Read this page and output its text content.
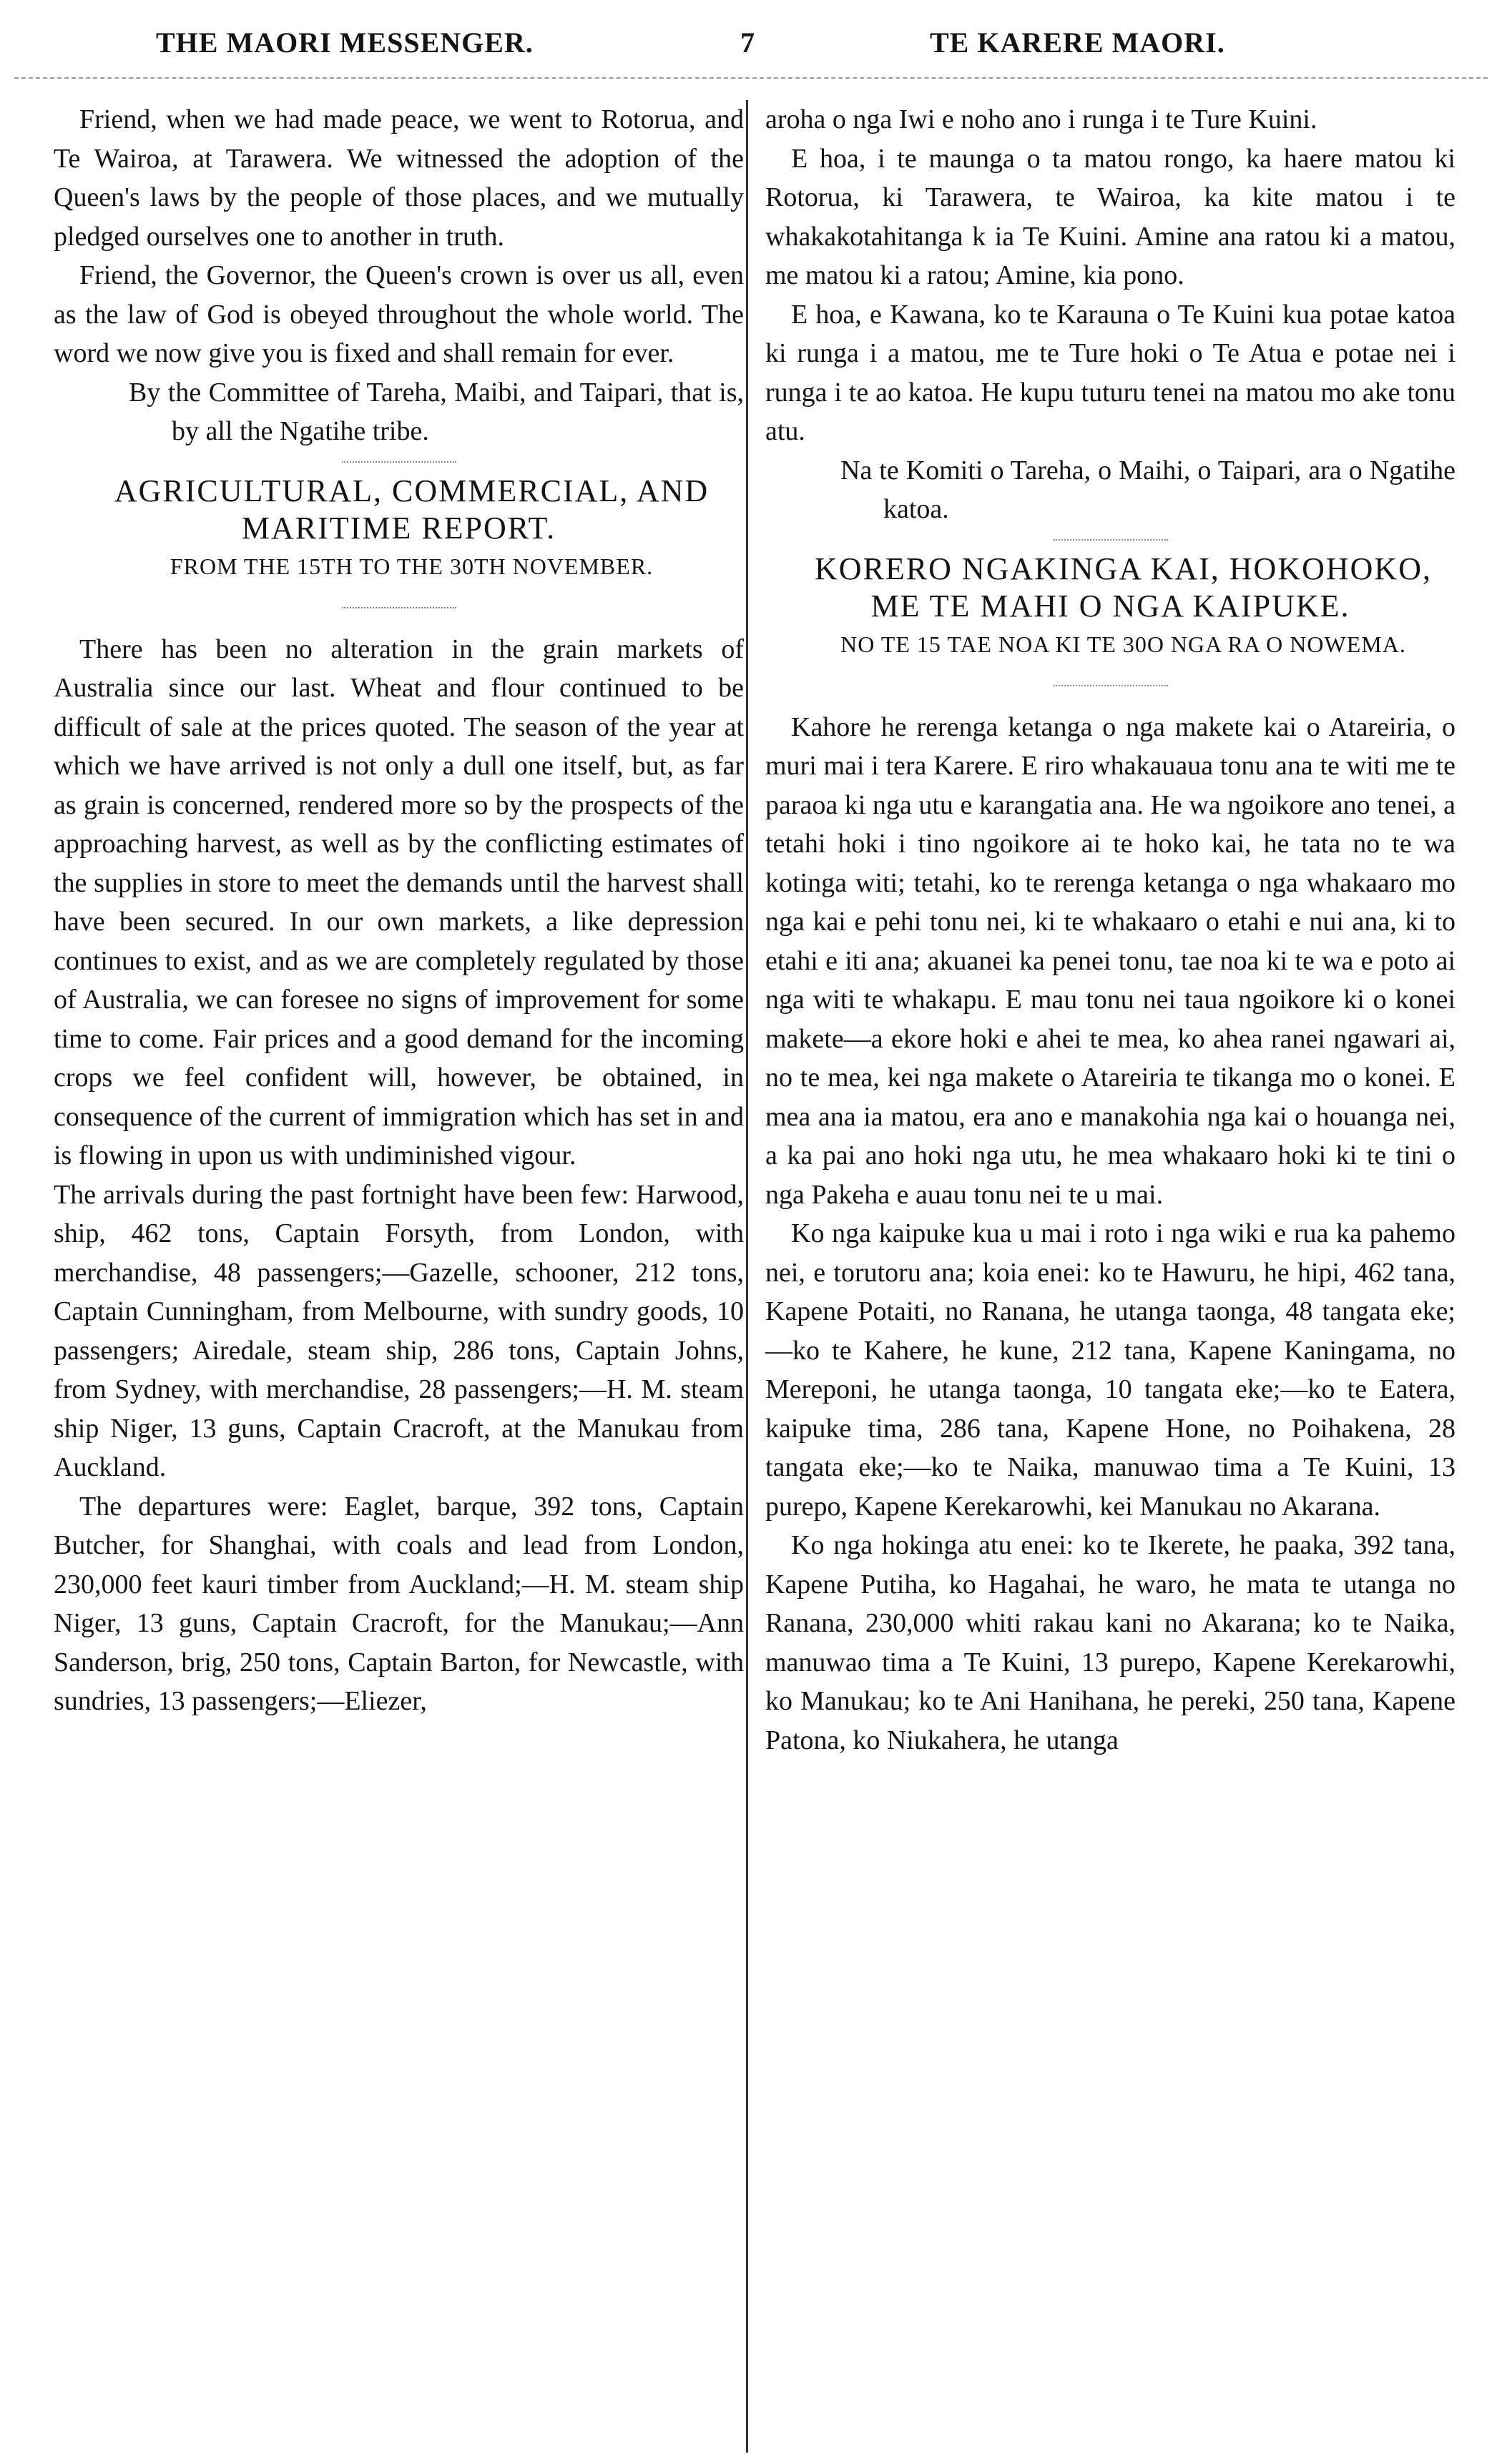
THE MAORI MESSENGER.	7	TE KARERE MAORI.

Friend, when we had made peace, we went to Rotorua, and Te Wairoa, at Tarawera. We witnessed the adoption of the Queen's laws by the people of those places, and we mutually pledged ourselves one to another in truth.

Friend, the Governor, the Queen's crown is over us all, even as the law of God is obeyed throughout the whole world. The word we now give you is fixed and shall remain for ever.

By the Committee of Tareha, Maibi, and Taipari, that is, by all the Ngatihe tribe.

AGRICULTURAL, COMMERCIAL, AND MARITIME REPORT.

FROM THE 15TH TO THE 30TH NOVEMBER.

There has been no alteration in the grain markets of Australia since our last. Wheat and flour continued to be difficult of sale at the prices quoted. The season of the year at which we have arrived is not only a dull one itself, but, as far as grain is concerned, rendered more so by the prospects of the approaching harvest, as well as by the conflicting estimates of the supplies in store to meet the demands until the harvest shall have been secured. In our own markets, a like depression continues to exist, and as we are completely regulated by those of Australia, we can foresee no signs of improvement for some time to come. Fair prices and a good demand for the incoming crops we feel confident will, however, be obtained, in consequence of the current of immigration which has set in and is flowing in upon us with undiminished vigour.

The arrivals during the past fortnight have been few: Harwood, ship, 462 tons, Captain Forsyth, from London, with merchandise, 48 passengers;—Gazelle, schooner, 212 tons, Captain Cunningham, from Melbourne, with sundry goods, 10 passengers; Airedale, steam ship, 286 tons, Captain Johns, from Sydney, with merchandise, 28 passengers;—H. M. steam ship Niger, 13 guns, Captain Cracroft, at the Manukau from Auckland.

The departures were: Eaglet, barque, 392 tons, Captain Butcher, for Shanghai, with coals and lead from London, 230,000 feet kauri timber from Auckland;—H. M. steam ship Niger, 13 guns, Captain Cracroft, for the Manukau;—Ann Sanderson, brig, 250 tons, Captain Barton, for Newcastle, with sundries, 13 passengers;—Eliezer,

aroha o nga Iwi e noho ano i runga i te Ture Kuini.

E hoa, i te maunga o ta matou rongo, ka haere matou ki Rotorua, ki Tarawera, te Wairoa, ka kite matou i te whakakotahitanga k ia Te Kuini. Amine ana ratou ki a matou, me matou ki a ratou; Amine, kia pono.

E hoa, e Kawana, ko te Karauna o Te Kuini kua potae katoa ki runga i a matou, me te Ture hoki o Te Atua e potae nei i runga i te ao katoa. He kupu tuturu tenei na matou mo ake tonu atu.

Na te Komiti o Tareha, o Maihi, o Taipari, ara o Ngatihe katoa.

KORERO NGAKINGA KAI, HOKOHOKO, ME TE MAHI O NGA KAIPUKE.

NO TE 15 TAE NOA KI TE 30O NGA RA O NOWEMA.

Kahore he rerenga ketanga o nga makete kai o Atareiria, o muri mai i tera Karere. E riro whakauaua tonu ana te witi me te paraoa ki nga utu e karangatia ana. He wa ngoikore ano tenei, a tetahi hoki i tino ngoikore ai te hoko kai, he tata no te wa kotinga witi; tetahi, ko te rerenga ketanga o nga whakaaro mo nga kai e pehi tonu nei, ki te whakaaro o etahi e nui ana, ki to etahi e iti ana; akuanei ka penei tonu, tae noa ki te wa e poto ai nga witi te whakapu. E mau tonu nei taua ngoikore ki o konei makete—a ekore hoki e ahei te mea, ko ahea ranei ngawari ai, no te mea, kei nga makete o Atareiria te tikanga mo o konei. E mea ana ia matou, era ano e manakohia nga kai o houanga nei, a ka pai ano hoki nga utu, he mea whakaaro hoki ki te tini o nga Pakeha e auau tonu nei te u mai.

Ko nga kaipuke kua u mai i roto i nga wiki e rua ka pahemo nei, e torutoru ana; koia enei: ko te Hawuru, he hipi, 462 tana, Kapene Potaiti, no Ranana, he utanga taonga, 48 tangata eke;—ko te Kahere, he kune, 212 tana, Kapene Kaningama, no Mereponi, he utanga taonga, 10 tangata eke;—ko te Eatera, kaipuke tima, 286 tana, Kapene Hone, no Poihakena, 28 tangata eke;—ko te Naika, manuwao tima a Te Kuini, 13 purepo, Kapene Kerekarowhi, kei Manukau no Akarana.

Ko nga hokinga atu enei: ko te Ikerete, he paaka, 392 tana, Kapene Putiha, ko Hagahai, he waro, he mata te utanga no Ranana, 230,000 whiti rakau kani no Akarana; ko te Naika, manuwao tima a Te Kuini, 13 purepo, Kapene Kerekarowhi, ko Manukau; ko te Ani Hanihana, he pereki, 250 tana, Kapene Patona, ko Niukahera, he utanga
